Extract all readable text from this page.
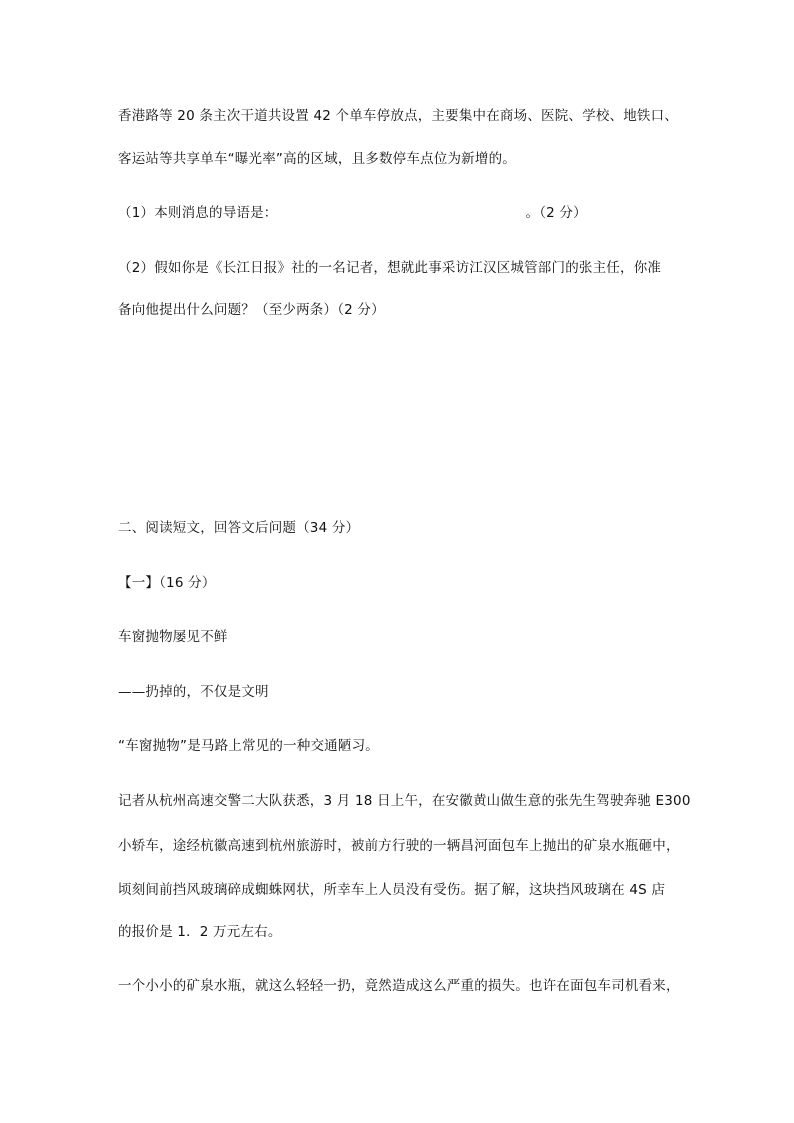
香港路等 20 条主次干道共设置 42 个单车停放点，主要集中在商场、医院、学校、地铁口、
客运站等共享单车“曝光率”高的区域，且多数停车点位为新增的。
（1）本则消息的导语是：	。（2 分）
（2）假如你是《长江日报》社的一名记者，想就此事采访江汉区城管部门的张主任，你准
备向他提出什么问题？（至少两条）（2 分）
二、阅读短文，回答文后问题（34 分）
【一】（16 分）
车窗抛物屡见不鲜
——扔掉的，不仅是文明
“车窗抛物”是马路上常见的一种交通陋习。
记者从杭州高速交警二大队获悉，3 月 18 日上午，在安徽黄山做生意的张先生驾驶奔驰 E300
小轿车，途经杭徽高速到杭州旅游时，被前方行驶的一辆昌河面包车上抛出的矿泉水瓶砸中，
顷刻间前挡风玻璃碎成蜘蛛网状，所幸车上人员没有受伤。据了解，这块挡风玻璃在 4S 店
的报价是 1．2 万元左右。
一个小小的矿泉水瓶，就这么轻轻一扔，竟然造成这么严重的损失。也许在面包车司机看来，
